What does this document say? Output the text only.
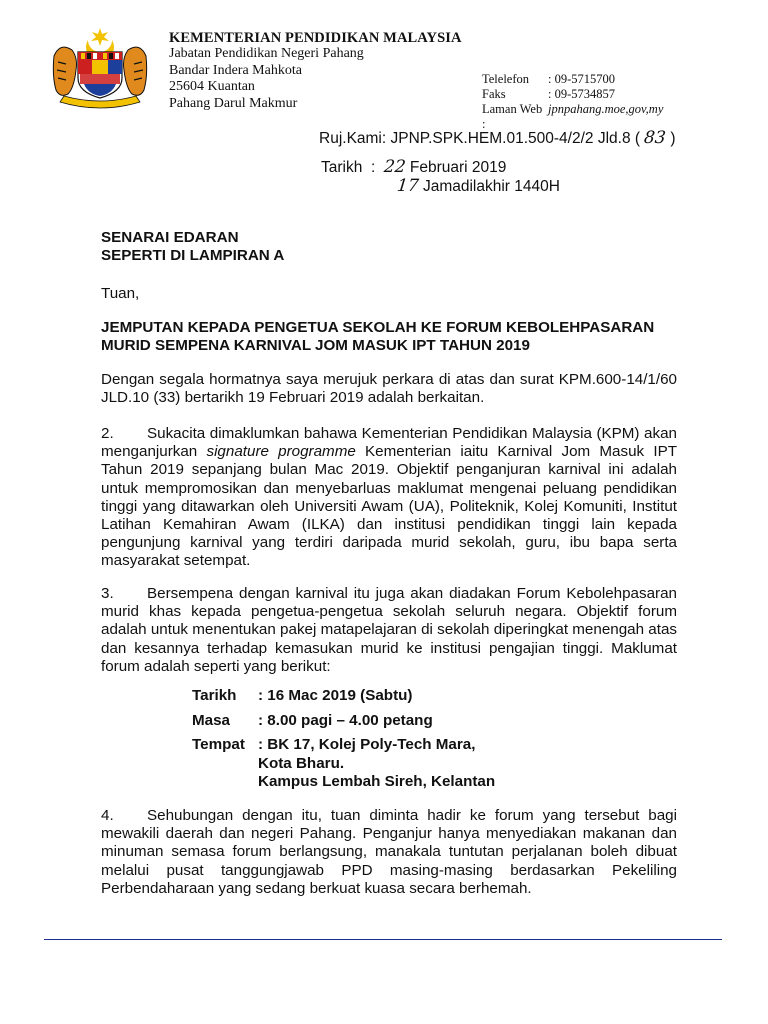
KEMENTERIAN PENDIDIKAN MALAYSIA
Jabatan Pendidikan Negeri Pahang
Bandar Indera Mahkota
25604 Kuantan
Pahang Darul Makmur
Telelefon	: 09-5715700
Faks	: 09-5734857
Laman Web :
jpnpahang.moe,gov,my
Ruj.Kami: JPNP.SPK.HEM.01.500-4/2/2 Jld.8 ( 83 )
Tarikh : 22 Februari 2019
17 Jamadilakhir 1440H
SENARAI EDARAN
SEPERTI DI LAMPIRAN A
Tuan,
JEMPUTAN KEPADA PENGETUA SEKOLAH KE FORUM KEBOLEHPASARAN
MURID SEMPENA KARNIVAL JOM MASUK IPT TAHUN 2019
Dengan segala hormatnya saya merujuk perkara di atas dan surat KPM.600-14/1/60 JLD.10 (33) bertarikh 19 Februari 2019 adalah berkaitan.
2. Sukacita dimaklumkan bahawa Kementerian Pendidikan Malaysia (KPM) akan menganjurkan signature programme Kementerian iaitu Karnival Jom Masuk IPT Tahun 2019 sepanjang bulan Mac 2019. Objektif penganjuran karnival ini adalah untuk mempromosikan dan menyebarluas maklumat mengenai peluang pendidikan tinggi yang ditawarkan oleh Universiti Awam (UA), Politeknik, Kolej Komuniti, Institut Latihan Kemahiran Awam (ILKA) dan institusi pendidikan tinggi lain kepada pengunjung karnival yang terdiri daripada murid sekolah, guru, ibu bapa serta masyarakat setempat.
3. Bersempena dengan karnival itu juga akan diadakan Forum Kebolehpasaran murid khas kepada pengetua-pengetua sekolah seluruh negara. Objektif forum adalah untuk menentukan pakej matapelajaran di sekolah diperingkat menengah atas dan kesannya terhadap kemasukan murid ke institusi pengajian tinggi. Maklumat forum adalah seperti yang berikut:
Tarikh	: 16 Mac 2019 (Sabtu)
Masa	: 8.00 pagi – 4.00 petang
Tempat : BK 17, Kolej Poly-Tech Mara,
Kota Bharu.
Kampus Lembah Sireh, Kelantan
4. Sehubungan dengan itu, tuan diminta hadir ke forum yang tersebut bagi mewakili daerah dan negeri Pahang. Penganjur hanya menyediakan makanan dan minuman semasa forum berlangsung, manakala tuntutan perjalanan boleh dibuat melalui pusat tanggungjawab PPD masing-masing berdasarkan Pekeliling Perbendaharaan yang sedang berkuat kuasa secara berhemah.
